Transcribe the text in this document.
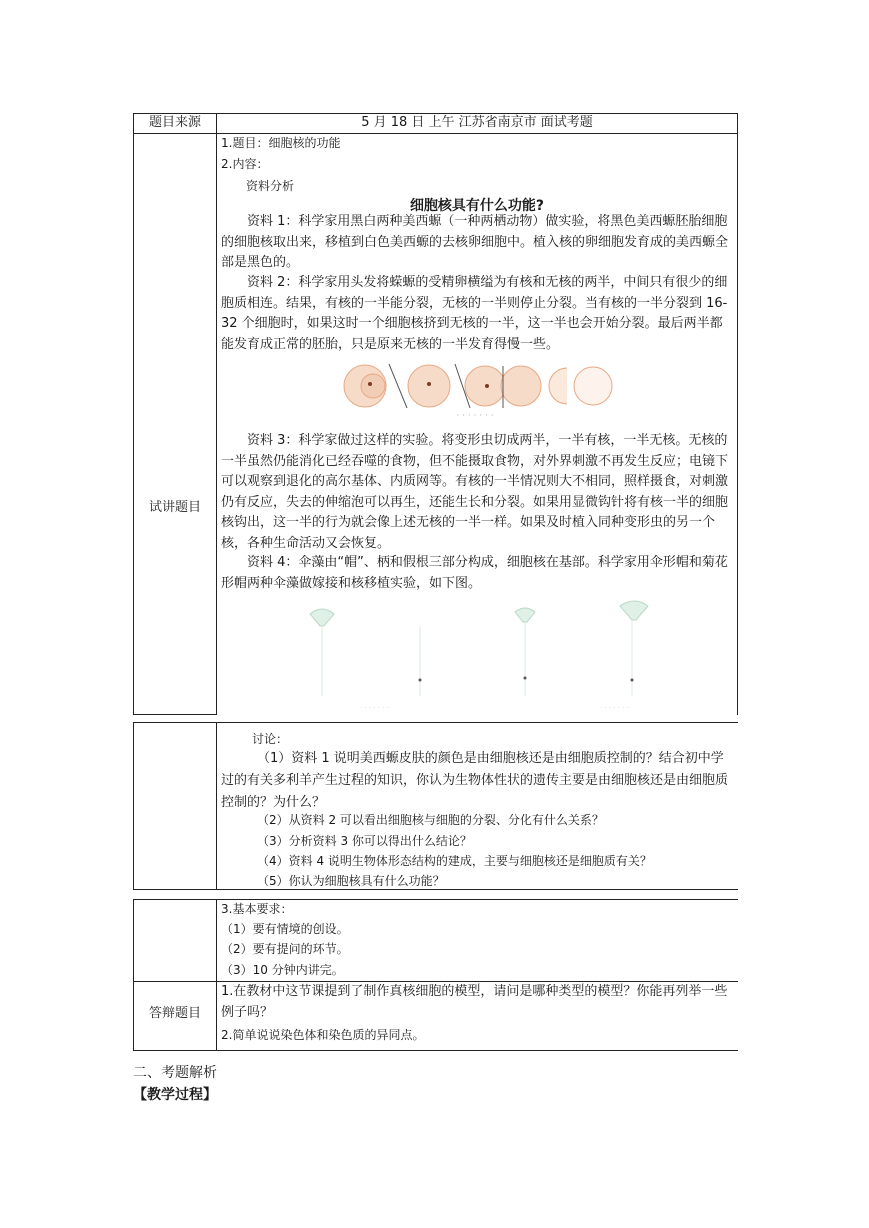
题目来源	5 月 18 日 上午 江苏省南京市 面试考题
试讲题目
1.题目：细胞核的功能
2.内容：
资料分析
细胞核具有什么功能?
资料 1：科学家用黑白两种美西螈（一种两栖动物）做实验，将黑色美西螈胚胎细胞的细胞核取出来，移植到白色美西螈的去核卵细胞中。植入核的卵细胞发育成的美西螈全部是黑色的。
资料 2：科学家用头发将蝾螈的受精卵横缢为有核和无核的两半，中间只有很少的细胞质相连。结果，有核的一半能分裂，无核的一半则停止分裂。当有核的一半分裂到 16-32 个细胞时，如果这时一个细胞核挤到无核的一半，这一半也会开始分裂。最后两半都能发育成正常的胚胎，只是原来无核的一半发育得慢一些。
· · · · · · ·
资料 3：科学家做过这样的实验。将变形虫切成两半，一半有核，一半无核。无核的一半虽然仍能消化已经吞噬的食物，但不能摄取食物，对外界刺激不再发生反应；电镜下可以观察到退化的高尔基体、内质网等。有核的一半情况则大不相同，照样摄食，对刺激仍有反应，失去的伸缩泡可以再生，还能生长和分裂。如果用显微钩针将有核一半的细胞核钩出，这一半的行为就会像上述无核的一半一样。如果及时植入同种变形虫的另一个核，各种生命活动又会恢复。
资料 4：伞藻由“帽”、柄和假根三部分构成，细胞核在基部。科学家用伞形帽和菊花形帽两种伞藻做嫁接和核移植实验，如下图。
· · · · · · ·	· · · · · · ·
讨论：
（1）资料 1 说明美西螈皮肤的颜色是由细胞核还是由细胞质控制的？结合初中学过的有关多利羊产生过程的知识，你认为生物体性状的遗传主要是由细胞核还是由细胞质控制的？为什么？
（2）从资料 2 可以看出细胞核与细胞的分裂、分化有什么关系？
（3）分析资料 3 你可以得出什么结论？
（4）资料 4 说明生物体形态结构的建成，主要与细胞核还是细胞质有关？
（5）你认为细胞核具有什么功能？
3.基本要求：
（1）要有情境的创设。
（2）要有提问的环节。
（3）10 分钟内讲完。
答辩题目
1.在教材中这节课提到了制作真核细胞的模型，请问是哪种类型的模型？你能再列举一些例子吗？
2.简单说说染色体和染色质的异同点。
二、考题解析
【教学过程】
